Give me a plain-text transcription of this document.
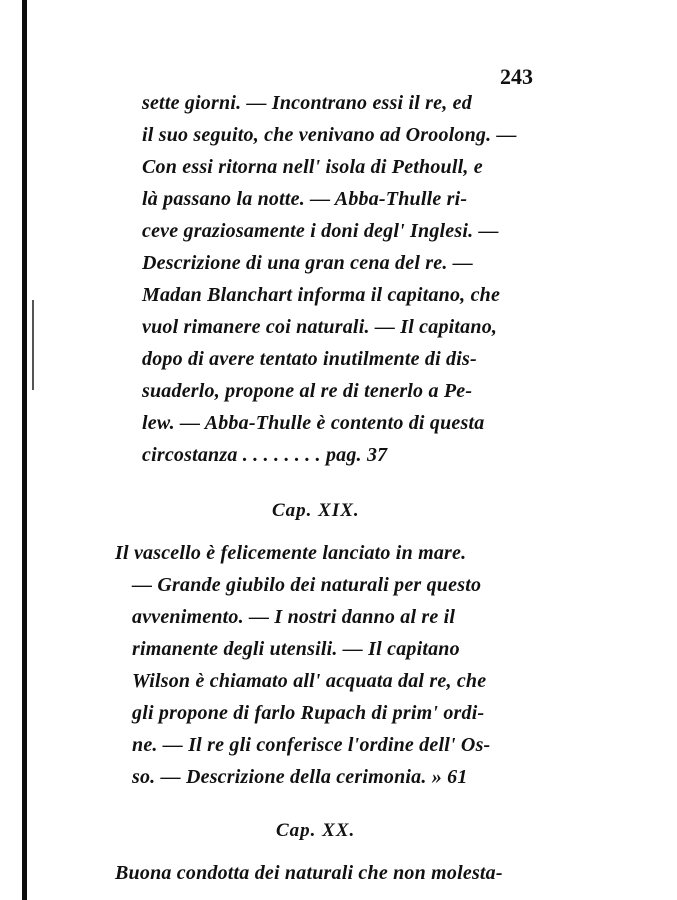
243
sette giorni. — Incontrano essi il re, ed
il suo seguito, che venivano ad Oroolong. —
Con essi ritorna nell' isola di Pethoull, e
là passano la notte. — Abba-Thulle ri-
ceve graziosamente i doni degl' Inglesi. —
Descrizione di una gran cena del re. —
Madan Blanchart informa il capitano, che
vuol rimanere coi naturali. — Il capitano,
dopo di avere tentato inutilmente di dis-
suaderlo, propone al re di tenerlo a Pe-
lew. — Abba-Thulle è contento di questa
circostanza . . . . . . . . pag. 37
Cap. XIX.
Il vascello è felicemente lanciato in mare.
— Grande giubilo dei naturali per questo
avvenimento. — I nostri danno al re il
rimanente degli utensili. — Il capitano
Wilson è chiamato all' acquata dal re, che
gli propone di farlo Rupach di prim' ordi-
ne. — Il re gli conferisce l'ordine dell' Os-
so. — Descrizione della cerimonia. » 61
Cap. XX.
Buona condotta dei naturali che non molesta-
